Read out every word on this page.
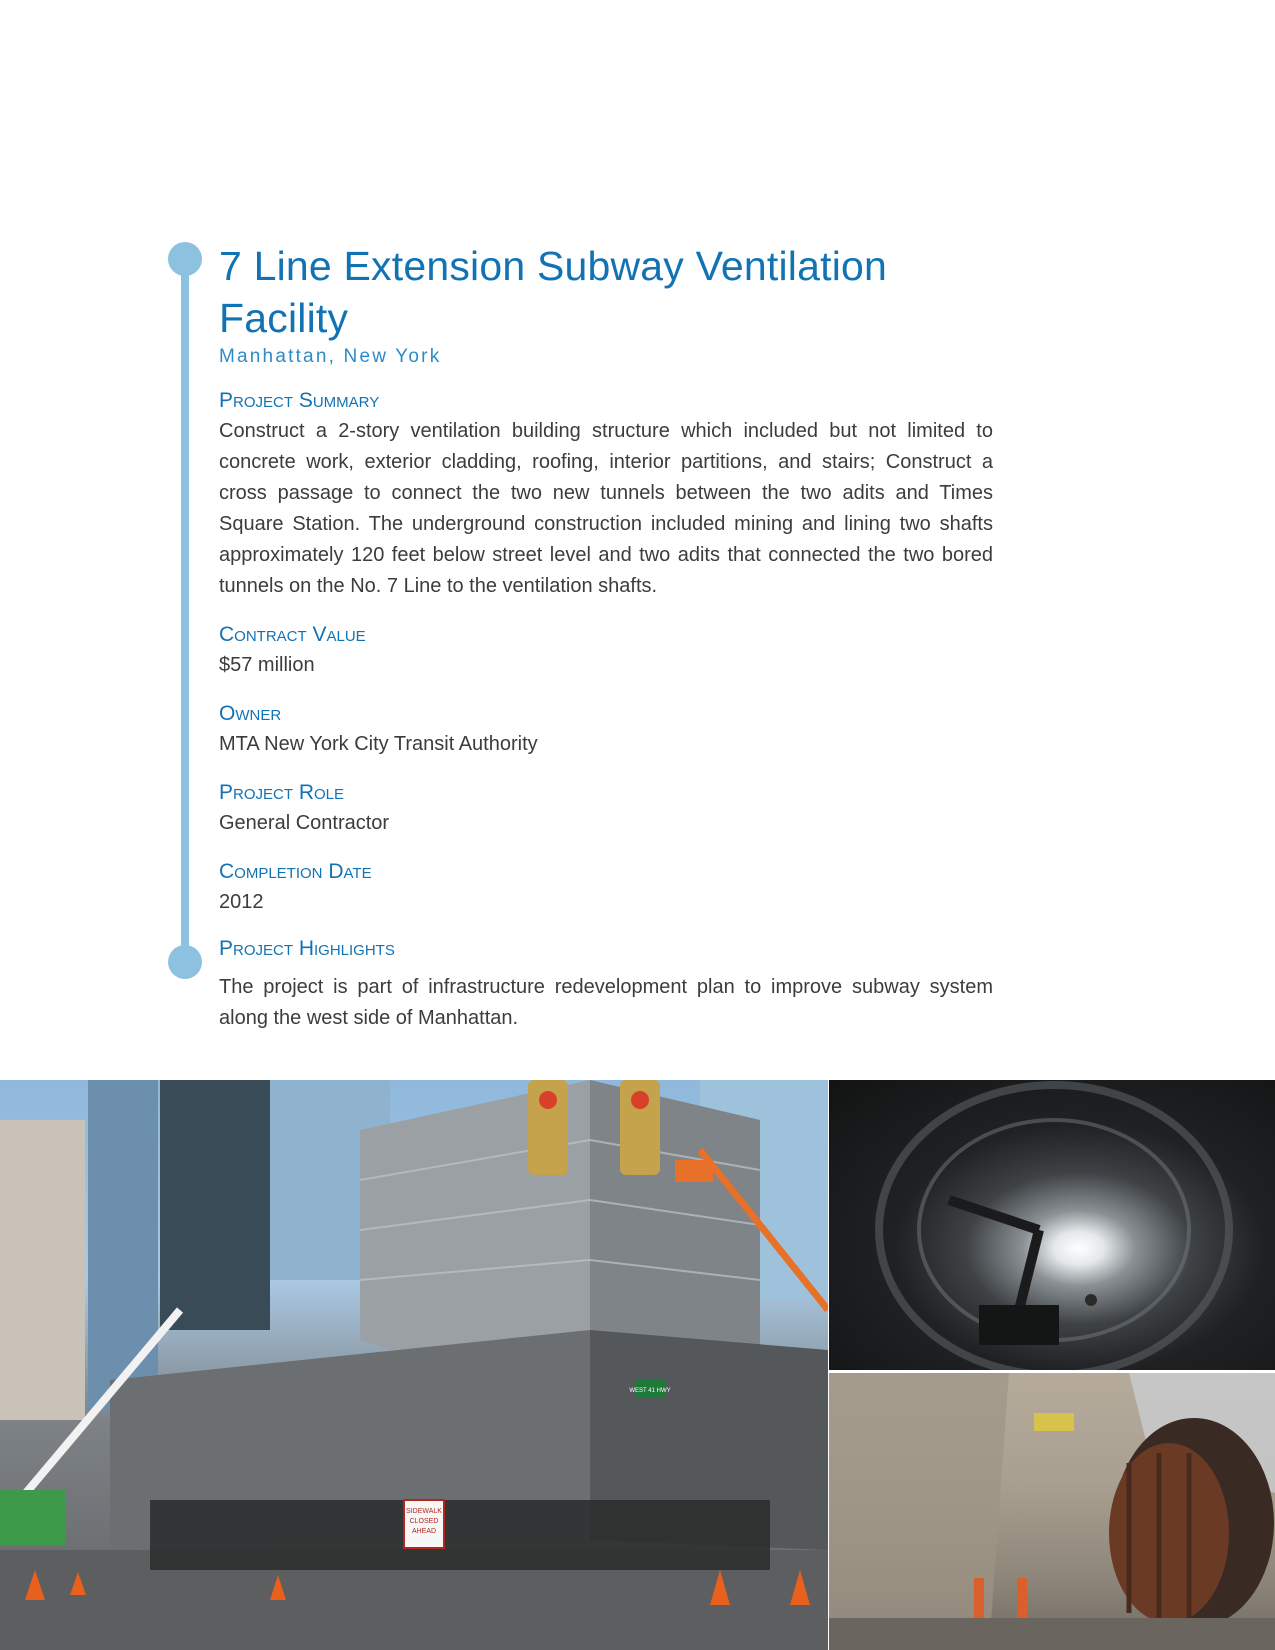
7 Line Extension Subway Ventilation Facility
Manhattan, New York
Project Summary
Construct a 2-story ventilation building structure which included but not limited to concrete work, exterior cladding, roofing, interior partitions, and stairs; Construct a cross passage to connect the two new tunnels between the two adits and Times Square Station. The underground construction included mining and lining two shafts approximately 120 feet below street level and two adits that connected the two bored tunnels on the No. 7 Line to the ventilation shafts.
Contract Value
$57 million
Owner
MTA New York City Transit Authority
Project Role
General Contractor
Completion Date
2012
Project Highlights
The project is part of infrastructure redevelopment plan to improve subway system along the west side of Manhattan.
SIDEWALK
CLOSED
AHEAD
WEST 41 HWY
